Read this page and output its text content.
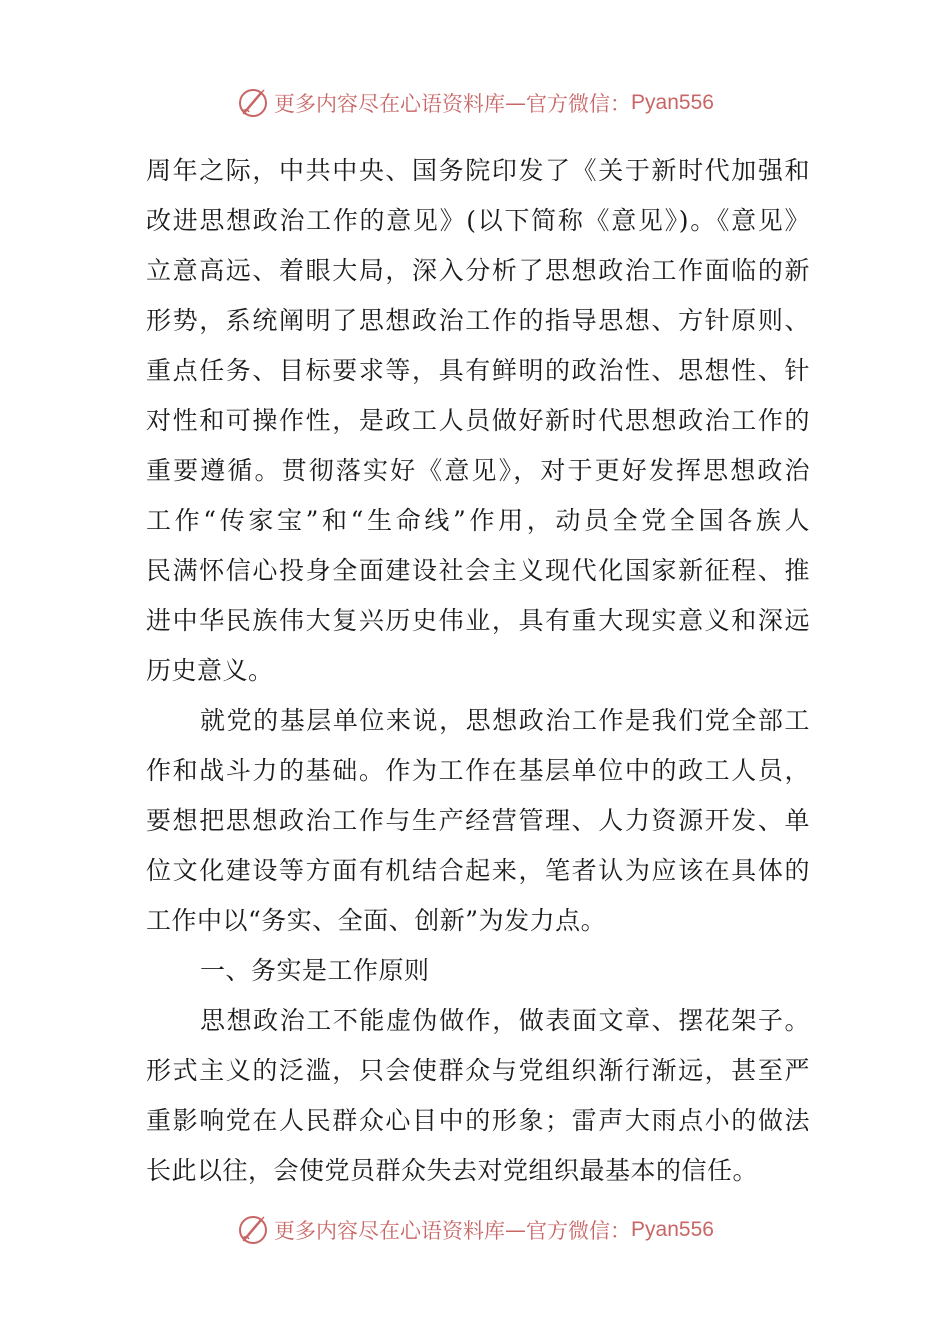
更多内容尽在心语资料库 — 官方微信： Pyan556
周年之际，中共中央、国务院印发了《关于新时代加强和
改进思想政治工作的意见》(以下简称《意见》)。《意见》
立意高远、着眼大局，深入分析了思想政治工作面临的新
形势，系统阐明了思想政治工作的指导思想、方针原则、
重点任务、目标要求等，具有鲜明的政治性、思想性、针
对性和可操作性，是政工人员做好新时代思想政治工作的
重要遵循。贯彻落实好《意见》，对于更好发挥思想政治
工作“传家宝”和“生命线”作用，动员全党全国各族人
民满怀信心投身全面建设社会主义现代化国家新征程、推
进中华民族伟大复兴历史伟业，具有重大现实意义和深远
历史意义。
就党的基层单位来说，思想政治工作是我们党全部工
作和战斗力的基础。作为工作在基层单位中的政工人员，
要想把思想政治工作与生产经营管理、人力资源开发、单
位文化建设等方面有机结合起来，笔者认为应该在具体的
工作中以“务实、全面、创新”为发力点。
一、务实是工作原则
思想政治工不能虚伪做作，做表面文章、摆花架子。
形式主义的泛滥，只会使群众与党组织渐行渐远，甚至严
重影响党在人民群众心目中的形象；雷声大雨点小的做法
长此以往，会使党员群众失去对党组织最基本的信任。
更多内容尽在心语资料库 — 官方微信： Pyan556
